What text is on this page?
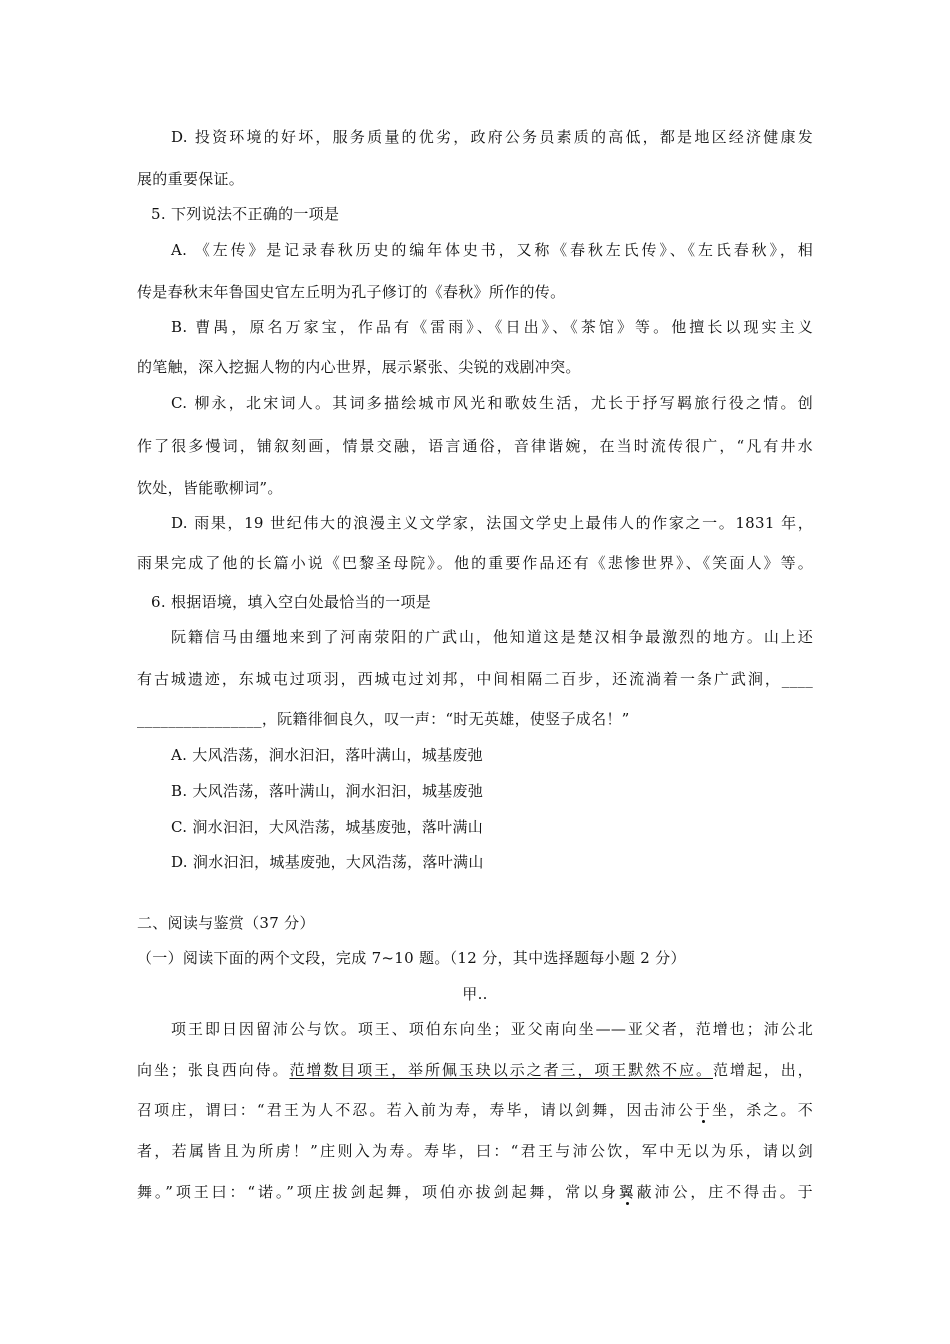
D. 投资环境的好坏，服务质量的优劣，政府公务员素质的高低，都是地区经济健康发
展的重要保证。
5. 下列说法不正确的一项是
A. 《左传》是记录春秋历史的编年体史书，又称《春秋左氏传》、《左氏春秋》，相
传是春秋末年鲁国史官左丘明为孔子修订的《春秋》所作的传。
B. 曹禺，原名万家宝，作品有《雷雨》、《日出》、《茶馆》等。他擅长以现实主义
的笔触，深入挖掘人物的内心世界，展示紧张、尖锐的戏剧冲突。
C. 柳永，北宋词人。其词多描绘城市风光和歌妓生活，尤长于抒写羁旅行役之情。创
作了很多慢词，铺叙刻画，情景交融，语言通俗，音律谐婉，在当时流传很广，“凡有井水
饮处，皆能歌柳词”。
D. 雨果，19 世纪伟大的浪漫主义文学家，法国文学史上最伟人的作家之一。1831 年，
雨果完成了他的长篇小说《巴黎圣母院》。他的重要作品还有《悲惨世界》、《笑面人》等。
6. 根据语境，填入空白处最恰当的一项是
阮籍信马由缰地来到了河南荥阳的广武山，他知道这是楚汉相争最激烈的地方。山上还
有古城遗迹，东城屯过项羽，西城屯过刘邦，中间相隔二百步，还流淌着一条广武涧，____
________________，阮籍徘徊良久，叹一声：“时无英雄，使竖子成名！”
A. 大风浩荡，涧水汩汩，落叶满山，城基废弛
B. 大风浩荡，落叶满山，涧水汩汩，城基废弛
C. 涧水汩汩，大风浩荡，城基废弛，落叶满山
D. 涧水汩汩，城基废弛，大风浩荡，落叶满山
二、阅读与鉴赏（37 分）
（一）阅读下面的两个文段，完成 7~10 题。（12 分，其中选择题每小题 2 分）
甲..
项王即日因留沛公与饮。项王、项伯东向坐；亚父南向坐——亚父者，范增也；沛公北
向坐；张良西向侍。范增数目项王，举所佩玉玦以示之者三，项王默然不应。范增起，出，
召项庄，谓曰：“君王为人不忍。若入前为寿，寿毕，请以剑舞，因击沛公于坐，杀之。不
者，若属皆且为所虏！”庄则入为寿。寿毕，曰：“君王与沛公饮，军中无以为乐，请以剑
舞。”项王曰：“诺。”项庄拔剑起舞，项伯亦拔剑起舞，常以身翼蔽沛公，庄不得击。于
